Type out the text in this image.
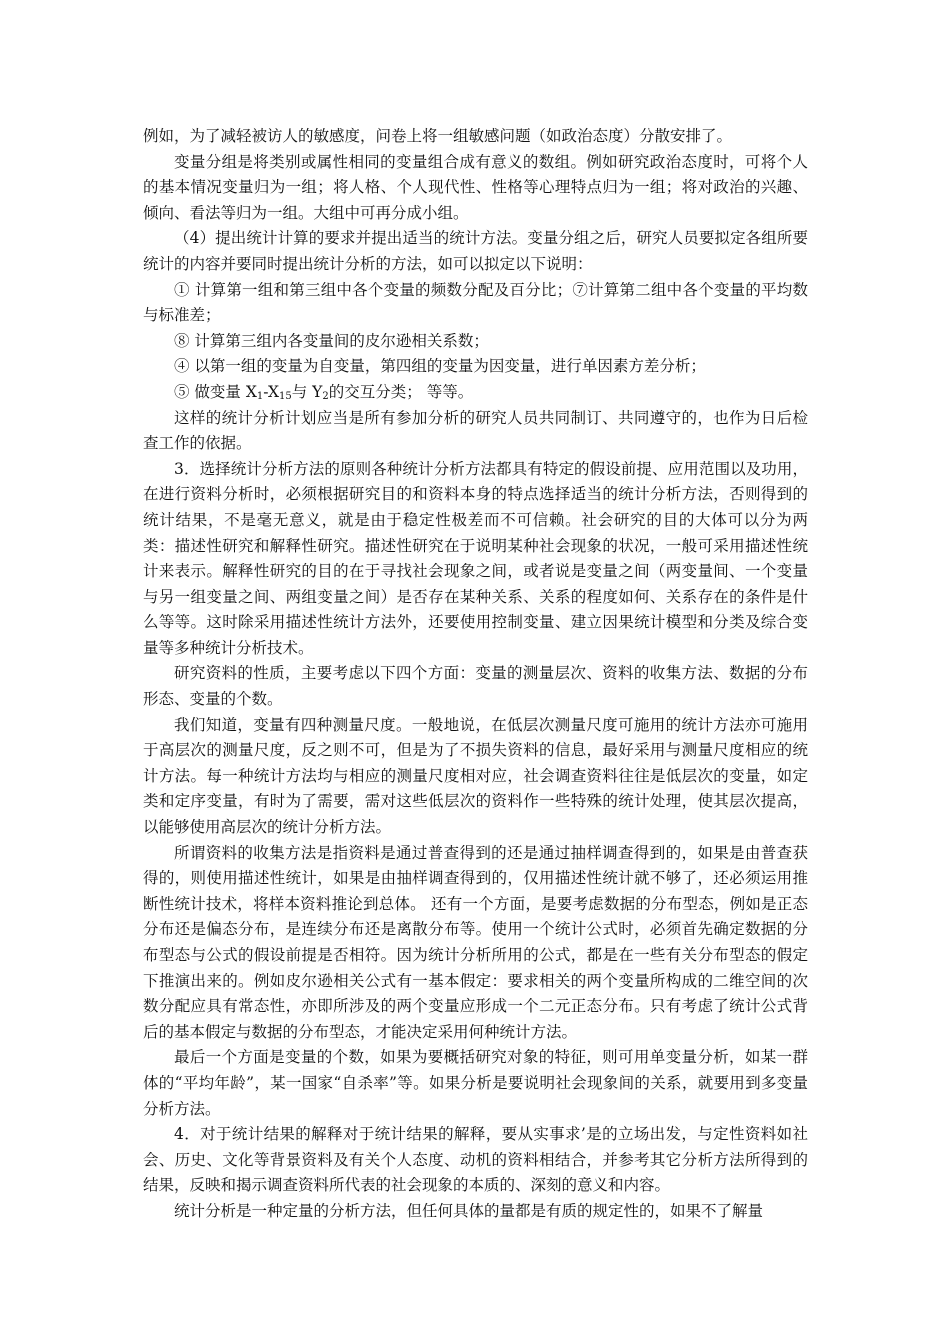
例如，为了减轻被访人的敏感度，问卷上将一组敏感问题（如政治态度）分散安排了。

变量分组是将类别或属性相同的变量组合成有意义的数组。例如研究政治态度时，可将个人的基本情况变量归为一组；将人格、个人现代性、性格等心理特点归为一组；将对政治的兴趣、倾向、看法等归为一组。大组中可再分成小组。

（4）提出统计计算的要求并提出适当的统计方法。变量分组之后，研究人员要拟定各组所要统计的内容并要同时提出统计分析的方法，如可以拟定以下说明：

① 计算第一组和第三组中各个变量的频数分配及百分比；⑦计算第二组中各个变量的平均数与标准差；

⑧ 计算第三组内各变量间的皮尔逊相关系数；

④ 以第一组的变量为自变量，第四组的变量为因变量，进行单因素方差分析；

⑤ 做变量 $X_1-X_{15}$与 $Y_2$的交互分类； 等等。

这样的统计分析计划应当是所有参加分析的研究人员共同制订、共同遵守的，也作为日后检查工作的依据。

3．选择统计分析方法的原则各种统计分析方法都具有特定的假设前提、应用范围以及功用，在进行资料分析时，必须根据研究目的和资料本身的特点选择适当的统计分析方法，否则得到的统计结果，不是毫无意义，就是由于稳定性极差而不可信赖。社会研究的目的大体可以分为两类：描述性研究和解释性研究。描述性研究在于说明某种社会现象的状况，一般可采用描述性统计来表示。解释性研究的目的在于寻找社会现象之间，或者说是变量之间（两变量间、一个变量与另一组变量之间、两组变量之间）是否存在某种关系、关系的程度如何、关系存在的条件是什么等等。这时除采用描述性统计方法外，还要使用控制变量、建立因果统计模型和分类及综合变量等多种统计分析技术。

研究资料的性质，主要考虑以下四个方面：变量的测量层次、资料的收集方法、数据的分布形态、变量的个数。

我们知道，变量有四种测量尺度。一般地说，在低层次测量尺度可施用的统计方法亦可施用于高层次的测量尺度，反之则不可，但是为了不损失资料的信息，最好采用与测量尺度相应的统计方法。每一种统计方法均与相应的测量尺度相对应，社会调查资料往往是低层次的变量，如定类和定序变量，有时为了需要，需对这些低层次的资料作一些特殊的统计处理，使其层次提高，以能够使用高层次的统计分析方法。

所谓资料的收集方法是指资料是通过普查得到的还是通过抽样调查得到的，如果是由普查获得的，则使用描述性统计，如果是由抽样调查得到的，仅用描述性统计就不够了，还必须运用推断性统计技术，将样本资料推论到总体。 还有一个方面，是要考虑数据的分布型态，例如是正态分布还是偏态分布，是连续分布还是离散分布等。使用一个统计公式时，必须首先确定数据的分布型态与公式的假设前提是否相符。因为统计分析所用的公式，都是在一些有关分布型态的假定下推演出来的。例如皮尔逊相关公式有一基本假定：要求相关的两个变量所构成的二维空间的次数分配应具有常态性，亦即所涉及的两个变量应形成一个二元正态分布。只有考虑了统计公式背后的基本假定与数据的分布型态，才能决定采用何种统计方法。

最后一个方面是变量的个数，如果为要概括研究对象的特征，则可用单变量分析，如某一群体的“平均年龄”，某一国家“自杀率”等。如果分析是要说明社会现象间的关系，就要用到多变量分析方法。

4．对于统计结果的解释对于统计结果的解释，要从实事求’是的立场出发，与定性资料如社会、历史、文化等背景资料及有关个人态度、动机的资料相结合，并参考其它分析方法所得到的结果，反映和揭示调查资料所代表的社会现象的本质的、深刻的意义和内容。

统计分析是一种定量的分析方法，但任何具体的量都是有质的规定性的，如果不了解量
